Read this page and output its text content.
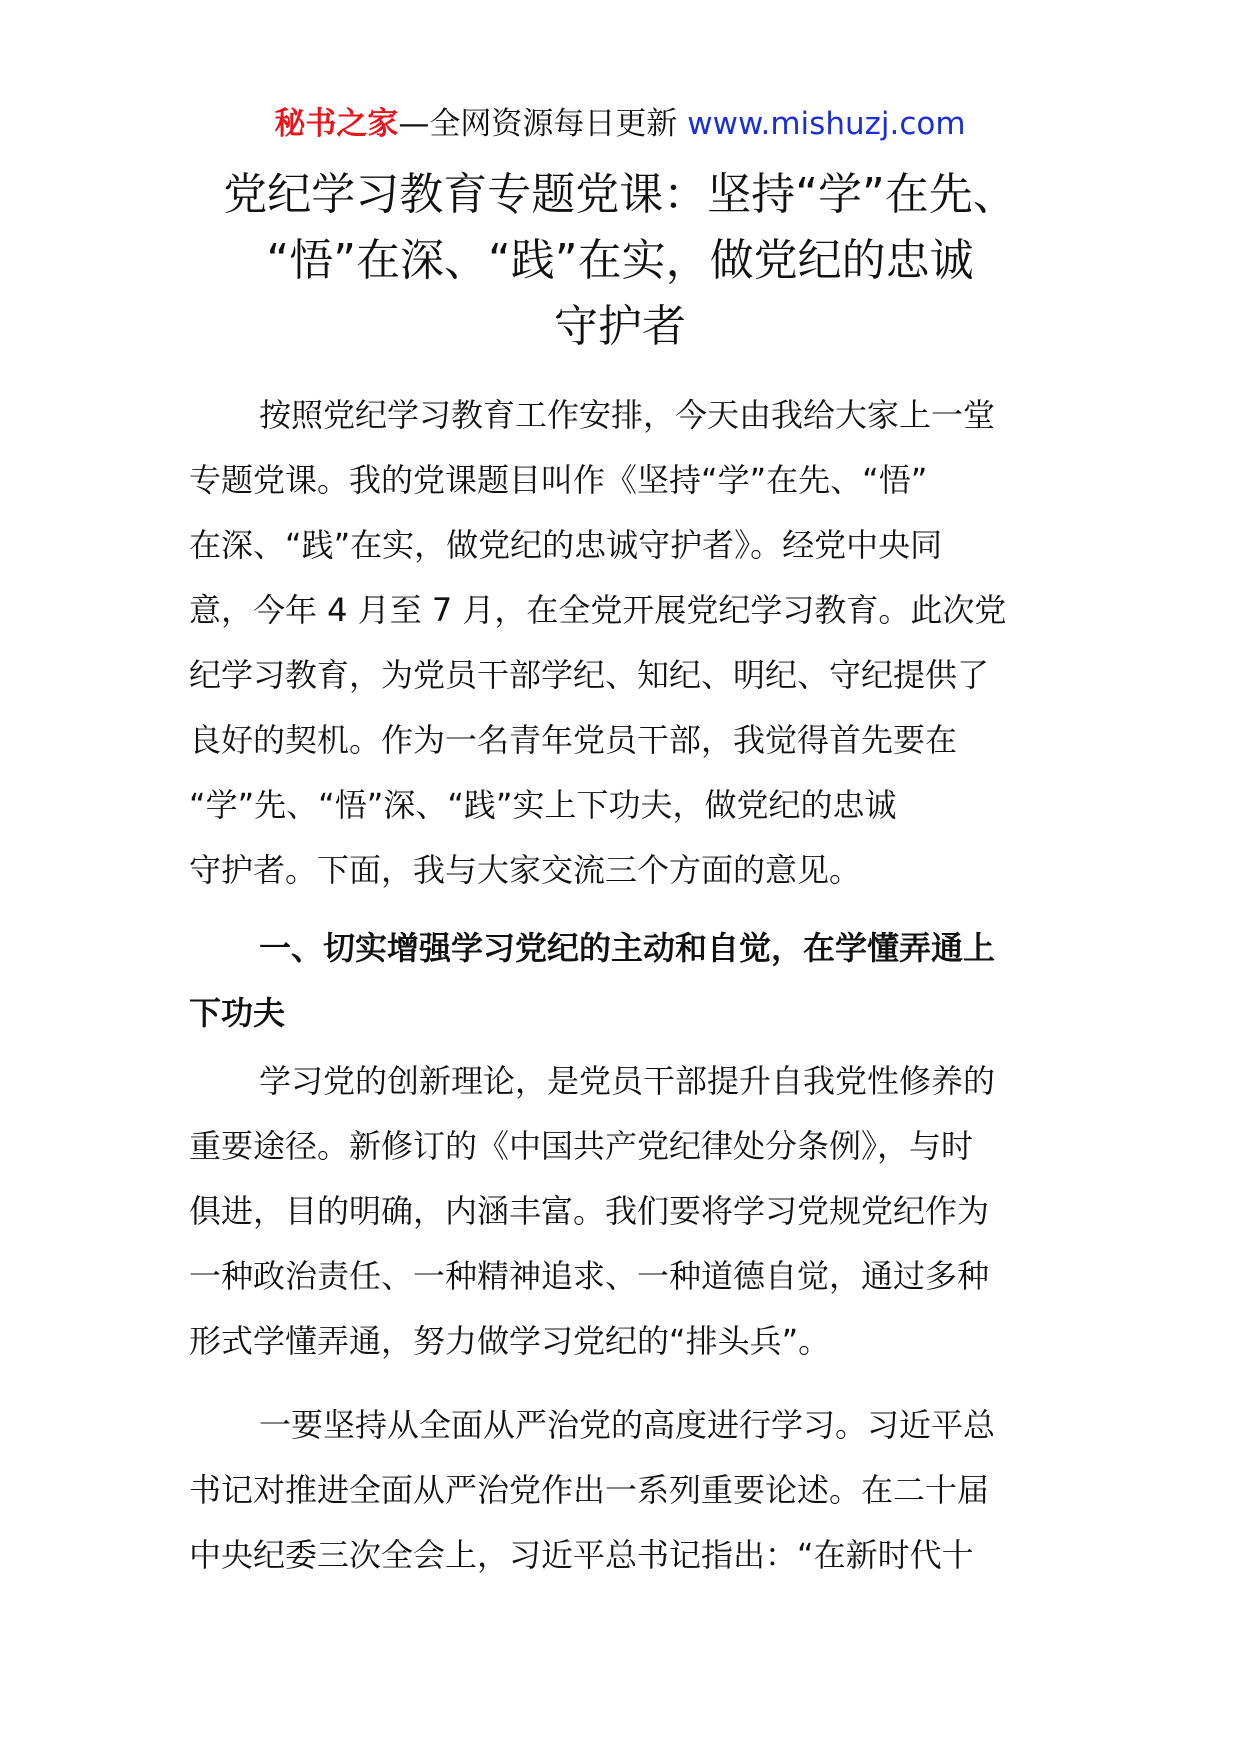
秘书之家—全网资源每日更新 www.mishuzj.com
党纪学习教育专题党课：坚持“学”在先、
“悟”在深、“践”在实，做党纪的忠诚
守护者
按照党纪学习教育工作安排，今天由我给大家上一堂
专题党课。我的党课题目叫作《坚持“学”在先、“悟”
在深、“践”在实，做党纪的忠诚守护者》。经党中央同
意，今年 4 月至 7 月，在全党开展党纪学习教育。此次党
纪学习教育，为党员干部学纪、知纪、明纪、守纪提供了
良好的契机。作为一名青年党员干部，我觉得首先要在
“学”先、“悟”深、“践”实上下功夫，做党纪的忠诚
守护者。下面，我与大家交流三个方面的意见。
一、切实增强学习党纪的主动和自觉，在学懂弄通上
下功夫
学习党的创新理论，是党员干部提升自我党性修养的
重要途径。新修订的《中国共产党纪律处分条例》，与时
俱进，目的明确，内涵丰富。我们要将学习党规党纪作为
一种政治责任、一种精神追求、一种道德自觉，通过多种
形式学懂弄通，努力做学习党纪的“排头兵”。
一要坚持从全面从严治党的高度进行学习。习近平总
书记对推进全面从严治党作出一系列重要论述。在二十届
中央纪委三次全会上，习近平总书记指出：“在新时代十
